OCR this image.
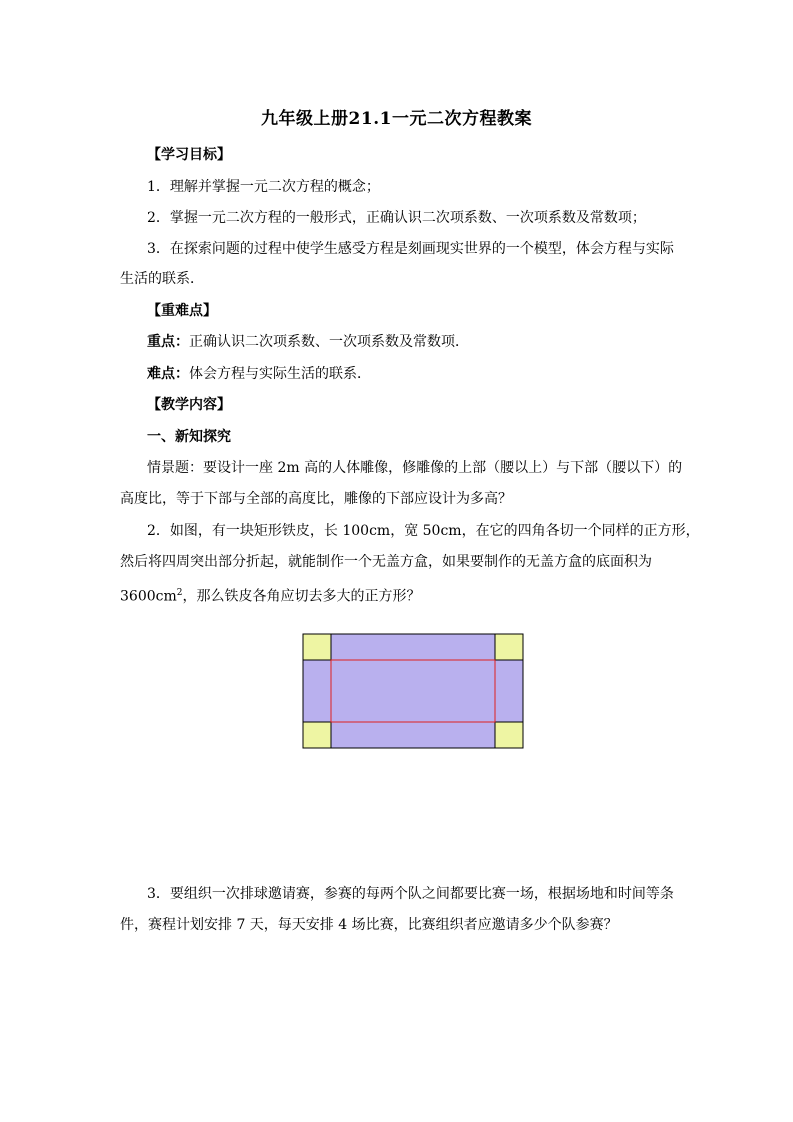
九年级上册21.1一元二次方程教案
【学习目标】
1．理解并掌握一元二次方程的概念；
2．掌握一元二次方程的一般形式，正确认识二次项系数、一次项系数及常数项；
3．在探索问题的过程中使学生感受方程是刻画现实世界的一个模型，体会方程与实际
生活的联系．
【重难点】
重点：正确认识二次项系数、一次项系数及常数项．
难点：体会方程与实际生活的联系．
【教学内容】
一、新知探究
情景题：要设计一座 2m 高的人体雕像，修雕像的上部（腰以上）与下部（腰以下）的
高度比，等于下部与全部的高度比，雕像的下部应设计为多高？
2．如图，有一块矩形铁皮，长 100cm，宽 50cm，在它的四角各切一个同样的正方形，
然后将四周突出部分折起，就能制作一个无盖方盒，如果要制作的无盖方盒的底面积为
$3600cm^2$，那么铁皮各角应切去多大的正方形？
3．要组织一次排球邀请赛，参赛的每两个队之间都要比赛一场，根据场地和时间等条
件，赛程计划安排 7 天，每天安排 4 场比赛，比赛组织者应邀请多少个队参赛？
